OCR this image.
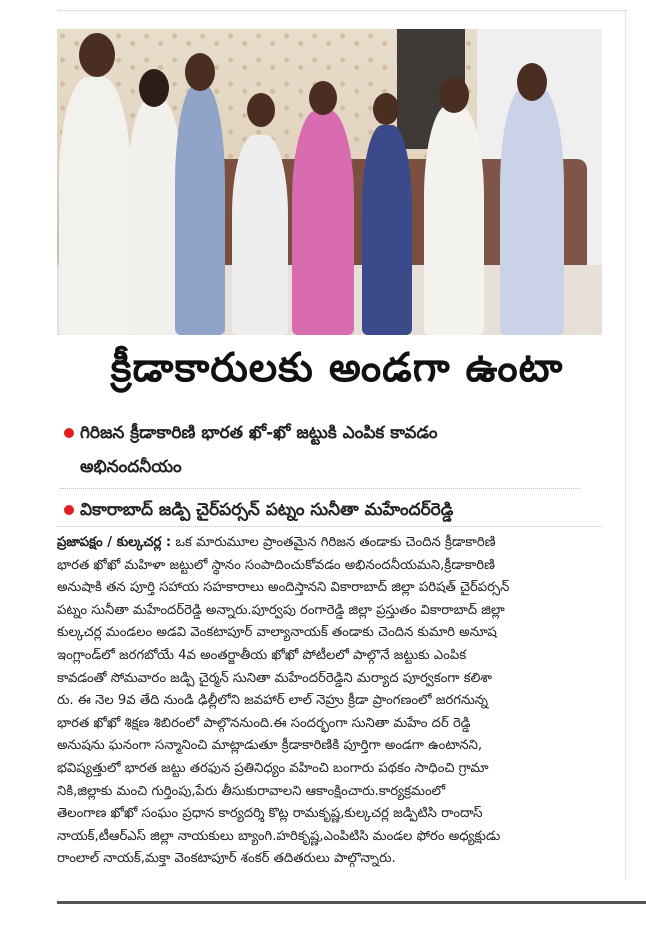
క్రీడాకారులకు అండగా ఉంటా
గిరిజన క్రీడాకారిణి భారత ఖో-ఖో జట్టుకి ఎంపిక కావడం
అభినందనీయం
వికారాబాద్ జడ్పి చైర్‌పర్సన్ పట్నం సునీతా మహేందర్‌రెడ్డి
ప్రజాపక్షం / కుల్కచర్ల : ఒక మారుమూల ప్రాంతమైన గిరిజన తండాకు చెందిన క్రీడాకారిణి
భారత ఖోఖో మహిళా జట్టులో స్థానం సంపాదించుకోవడం అభినందనీయమని,క్రీడాకారిణి
అనుషాకి తన పూర్తి సహాయ సహకారాలు అందిస్తానని వికారాబాద్ జిల్లా పరిషత్ చైర్‌పర్సన్
పట్నం సునీతా మహేందర్‌రెడ్డి అన్నారు.పూర్వపు రంగారెడ్డి జిల్లా ప్రస్తుతం వికారాబాద్ జిల్లా
కుల్కచర్ల మండలం అడవి వెంకటాపూర్ వాల్యానాయక్ తండాకు చెందిన కుమారి అనూష
ఇంగ్లాండ్‌లో జరగబోయే 4వ అంతర్జాతీయ ఖోఖో పోటీలలో పాల్గొనే జట్టుకు ఎంపిక
కావడంతో సోమవారం జడ్పి చైర్మన్ సునితా మహేందర్‌రెడ్డిని మర్యాద పూర్వకంగా కలిశా
రు. ఈ నెల 9వ తేది నుండి ఢిల్లీలోని జవహార్ లాల్ నెహ్రు క్రీడా ప్రాంగణంలో జరగనున్న
భారత ఖోఖో శిక్షణ శిబిరంలో పాల్గొననుంది.ఈ సందర్భంగా సునితా మహేం దర్ రెడ్డి
అనుషను ఘనంగా సన్మానించి మాట్లాడుతూ క్రీడాకారిణికి పూర్తిగా అండగా ఉంటానని,
భవిష్యత్తులో భారత జట్టు తరఫున ప్రతినిధ్యం వహించి బంగారు పథకం సాధించి గ్రామా
నికి,జిల్లాకు మంచి గుర్తింపు,పేరు తీసుకురావాలని ఆకాంక్షించారు.కార్యక్రమంలో
తెలంగాణ ఖోఖో సంఘం ప్రధాన కార్యదర్శి కొట్ల రామకృష్ణ,కుల్కచర్ల జడ్పిటిసి రాందాస్
నాయక్,టీఆర్ఎస్ జిల్లా నాయకులు బ్యాంగి.హరికృష్ణ,ఎంపిటిసి మండల ఫోరం అధ్యక్షుడు
రాంలాల్ నాయక్,మక్తా వెంకటాపూర్ శంకర్ తదితరులు పాల్గొన్నారు.
